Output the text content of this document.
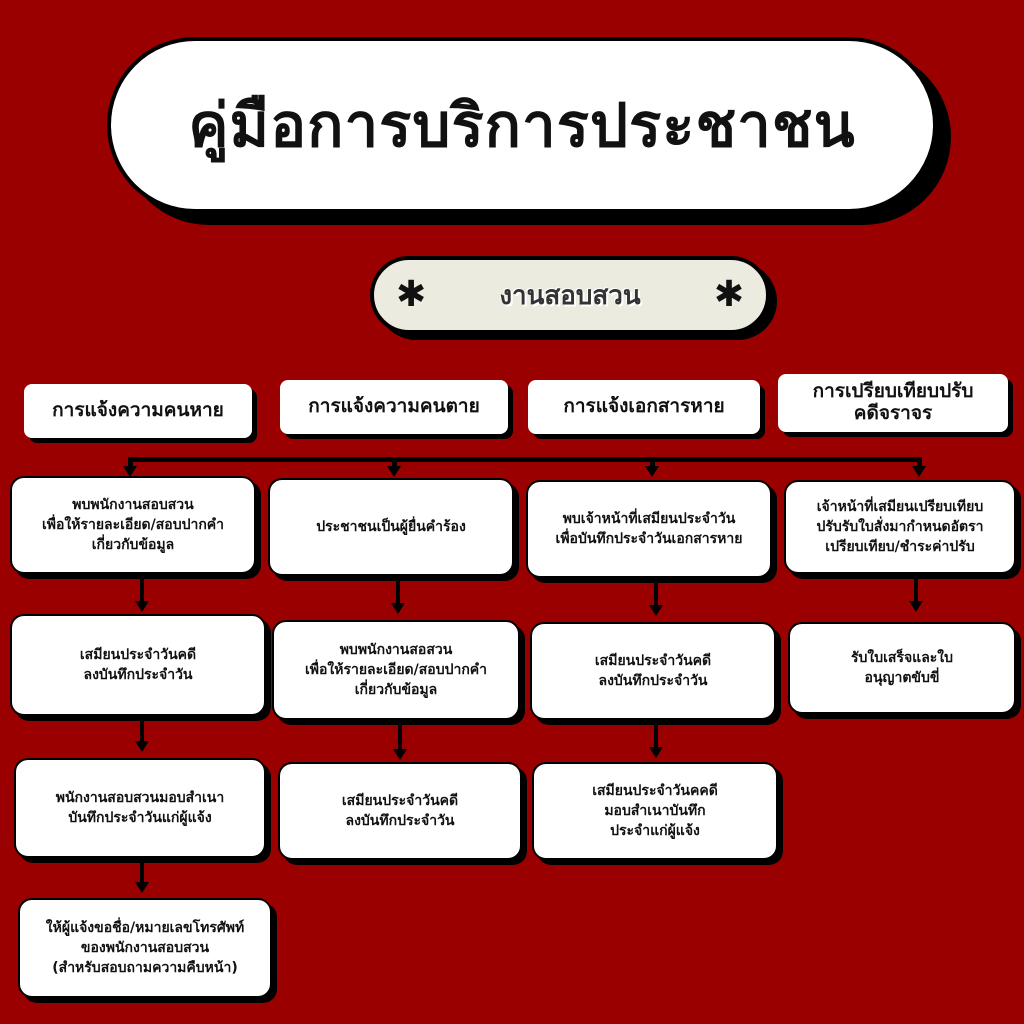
คู่มือการบริการประชาชน
✱	งานสอบสวน ✱
การแจ้งความคนหาย	การแจ้งความคนตาย	การแจ้งเอกสารหาย
การเปรียบเทียบปรับ
คดีจราจร
พบพนักงานสอบสวน
เพื่อให้รายละเอียด/สอบปากคำ
เกี่ยวกับข้อมูล
เสมียนประจำวันคดี
ลงบันทึกประจำวัน
พนักงานสอบสวนมอบสำเนา
บันทึกประจำวันแก่ผู้แจ้ง
ให้ผู้แจ้งขอชื่อ/หมายเลขโทรศัพท์
ของพนักงานสอบสวน
(สำหรับสอบถามความคืบหน้า)
ประชาชนเป็นผู้ยื่นคำร้อง
พบพนักงานสอสวน
เพื่อให้รายละเอียด/สอบปากคำ
เกี่ยวกับข้อมูล
เสมียนประจำวันคดี
ลงบันทึกประจำวัน
พบเจ้าหน้าที่เสมียนประจำวัน
เพื่อบันทึกประจำวันเอกสารหาย
เสมียนประจำวันคดี
ลงบันทึกประจำวัน
เสมียนประจำวันคคดี
มอบสำเนาบันทึก
ประจำแก่ผู้แจ้ง
เจ้าหน้าที่เสมียนเปรียบเทียบ
ปรับรับใบสั่งมากำหนดอัตรา
เปรียบเทียบ/ชำระค่าปรับ
รับใบเสร็จและใบ
อนุญาตขับขี่
